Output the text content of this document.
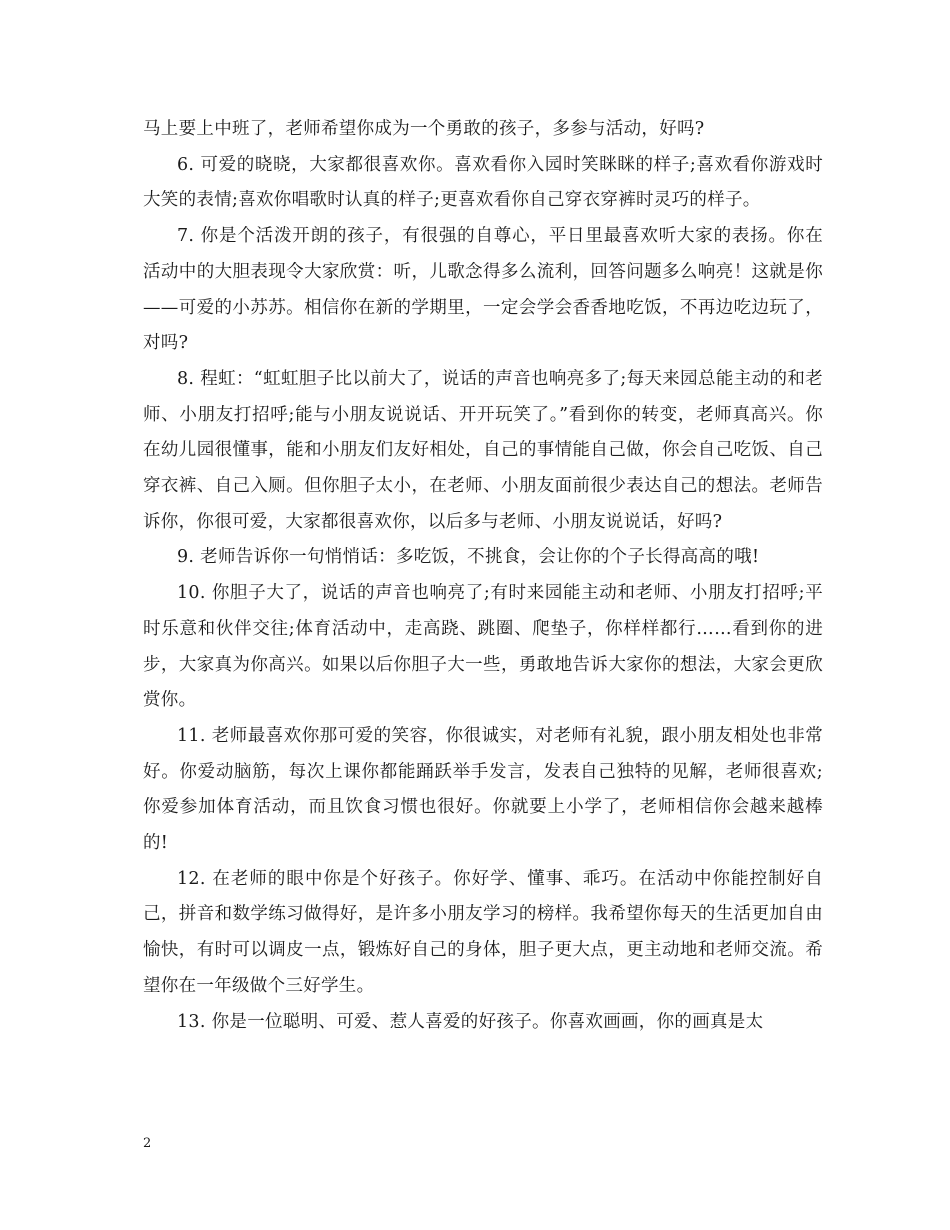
马上要上中班了，老师希望你成为一个勇敢的孩子，多参与活动，好吗?

6. 可爱的晓晓，大家都很喜欢你。喜欢看你入园时笑眯眯的样子;喜欢看你游戏时大笑的表情;喜欢你唱歌时认真的样子;更喜欢看你自己穿衣穿裤时灵巧的样子。

7. 你是个活泼开朗的孩子，有很强的自尊心，平日里最喜欢听大家的表扬。你在活动中的大胆表现令大家欣赏：听，儿歌念得多么流利，回答问题多么响亮！这就是你——可爱的小苏苏。相信你在新的学期里，一定会学会香香地吃饭，不再边吃边玩了，对吗?

8. 程虹：“虹虹胆子比以前大了，说话的声音也响亮多了;每天来园总能主动的和老师、小朋友打招呼;能与小朋友说说话、开开玩笑了。”看到你的转变，老师真高兴。你在幼儿园很懂事，能和小朋友们友好相处，自己的事情能自己做，你会自己吃饭、自己穿衣裤、自己入厕。但你胆子太小，在老师、小朋友面前很少表达自己的想法。老师告诉你，你很可爱，大家都很喜欢你，以后多与老师、小朋友说说话，好吗?

9. 老师告诉你一句悄悄话：多吃饭，不挑食，会让你的个子长得高高的哦!

10. 你胆子大了，说话的声音也响亮了;有时来园能主动和老师、小朋友打招呼;平时乐意和伙伴交往;体育活动中，走高跷、跳圈、爬垫子，你样样都行……看到你的进步，大家真为你高兴。如果以后你胆子大一些，勇敢地告诉大家你的想法，大家会更欣赏你。

11. 老师最喜欢你那可爱的笑容，你很诚实，对老师有礼貌，跟小朋友相处也非常好。你爱动脑筋，每次上课你都能踊跃举手发言，发表自己独特的见解，老师很喜欢;你爱参加体育活动，而且饮食习惯也很好。你就要上小学了，老师相信你会越来越棒的!

12. 在老师的眼中你是个好孩子。你好学、懂事、乖巧。在活动中你能控制好自己，拼音和数学练习做得好，是许多小朋友学习的榜样。我希望你每天的生活更加自由愉快，有时可以调皮一点，锻炼好自己的身体，胆子更大点，更主动地和老师交流。希望你在一年级做个三好学生。

13. 你是一位聪明、可爱、惹人喜爱的好孩子。你喜欢画画，你的画真是太

2
